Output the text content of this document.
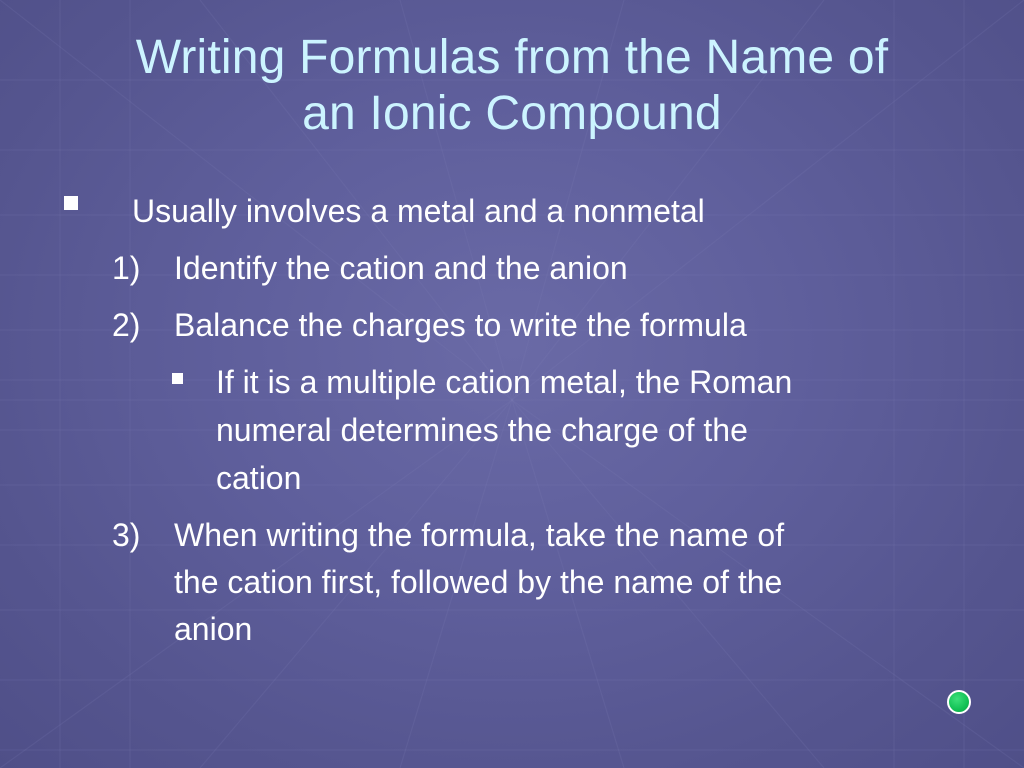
Writing Formulas from the Name of
an Ionic Compound
Usually involves a metal and a nonmetal
1) Identify the cation and the anion
2) Balance the charges to write the formula
If it is a multiple cation metal, the Roman
numeral determines the charge of the
cation
3) When writing the formula, take the name of
the cation first, followed by the name of the
anion
